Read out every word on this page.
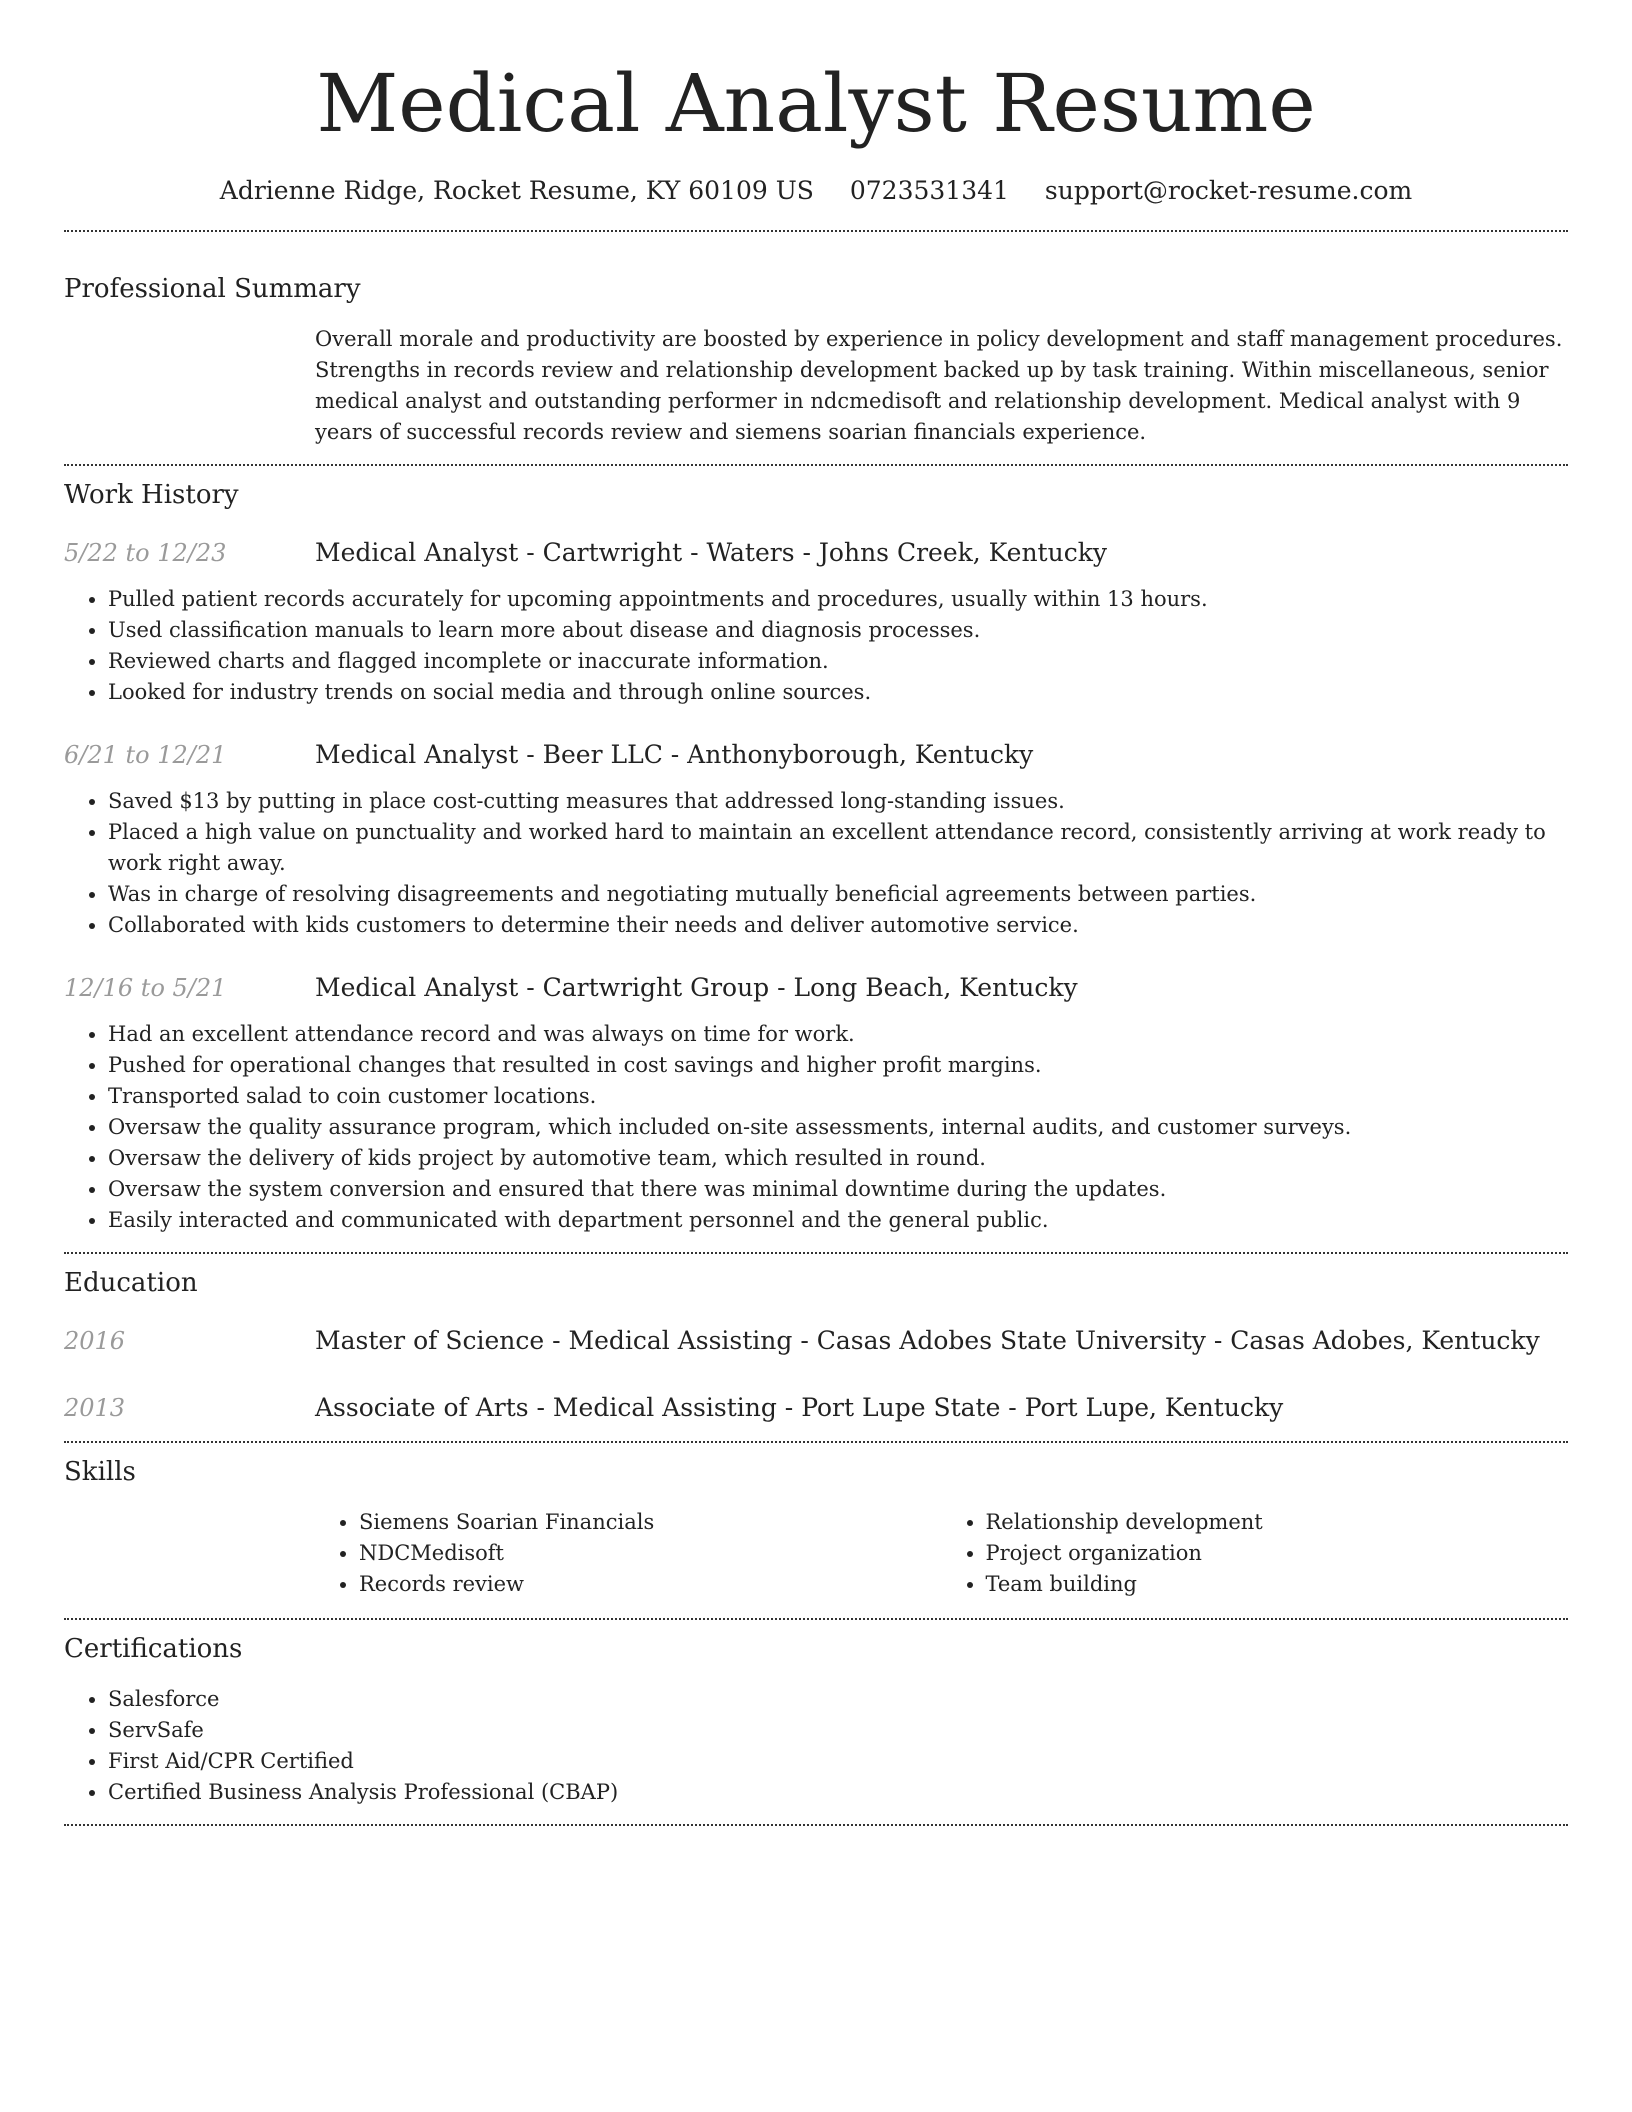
Medical Analyst Resume
Adrienne Ridge, Rocket Resume, KY 60109 US 0723531341 support@rocket-resume.com
Professional Summary
Overall morale and productivity are boosted by experience in policy development and staff management procedures. Strengths in records review and relationship development backed up by task training. Within miscellaneous, senior medical analyst and outstanding performer in ndcmedisoft and relationship development. Medical analyst with 9 years of successful records review and siemens soarian financials experience.
Work History
5/22 to 12/23	Medical Analyst - Cartwright - Waters - Johns Creek, Kentucky
• Pulled patient records accurately for upcoming appointments and procedures, usually within 13 hours.
• Used classification manuals to learn more about disease and diagnosis processes.
• Reviewed charts and flagged incomplete or inaccurate information.
• Looked for industry trends on social media and through online sources.
6/21 to 12/21	Medical Analyst - Beer LLC - Anthonyborough, Kentucky
• Saved $13 by putting in place cost-cutting measures that addressed long-standing issues.
• Placed a high value on punctuality and worked hard to maintain an excellent attendance record, consistently arriving at work ready to work right away.
• Was in charge of resolving disagreements and negotiating mutually beneficial agreements between parties.
• Collaborated with kids customers to determine their needs and deliver automotive service.
12/16 to 5/21	Medical Analyst - Cartwright Group - Long Beach, Kentucky
• Had an excellent attendance record and was always on time for work.
• Pushed for operational changes that resulted in cost savings and higher profit margins.
• Transported salad to coin customer locations.
• Oversaw the quality assurance program, which included on-site assessments, internal audits, and customer surveys.
• Oversaw the delivery of kids project by automotive team, which resulted in round.
• Oversaw the system conversion and ensured that there was minimal downtime during the updates.
• Easily interacted and communicated with department personnel and the general public.
Education
2016	Master of Science - Medical Assisting - Casas Adobes State University - Casas Adobes, Kentucky
2013	Associate of Arts - Medical Assisting - Port Lupe State - Port Lupe, Kentucky
Skills
• Siemens Soarian Financials
• NDCMedisoft
• Records review
• Relationship development
• Project organization
• Team building
Certifications
• Salesforce
• ServSafe
• First Aid/CPR Certified
• Certified Business Analysis Professional (CBAP)
